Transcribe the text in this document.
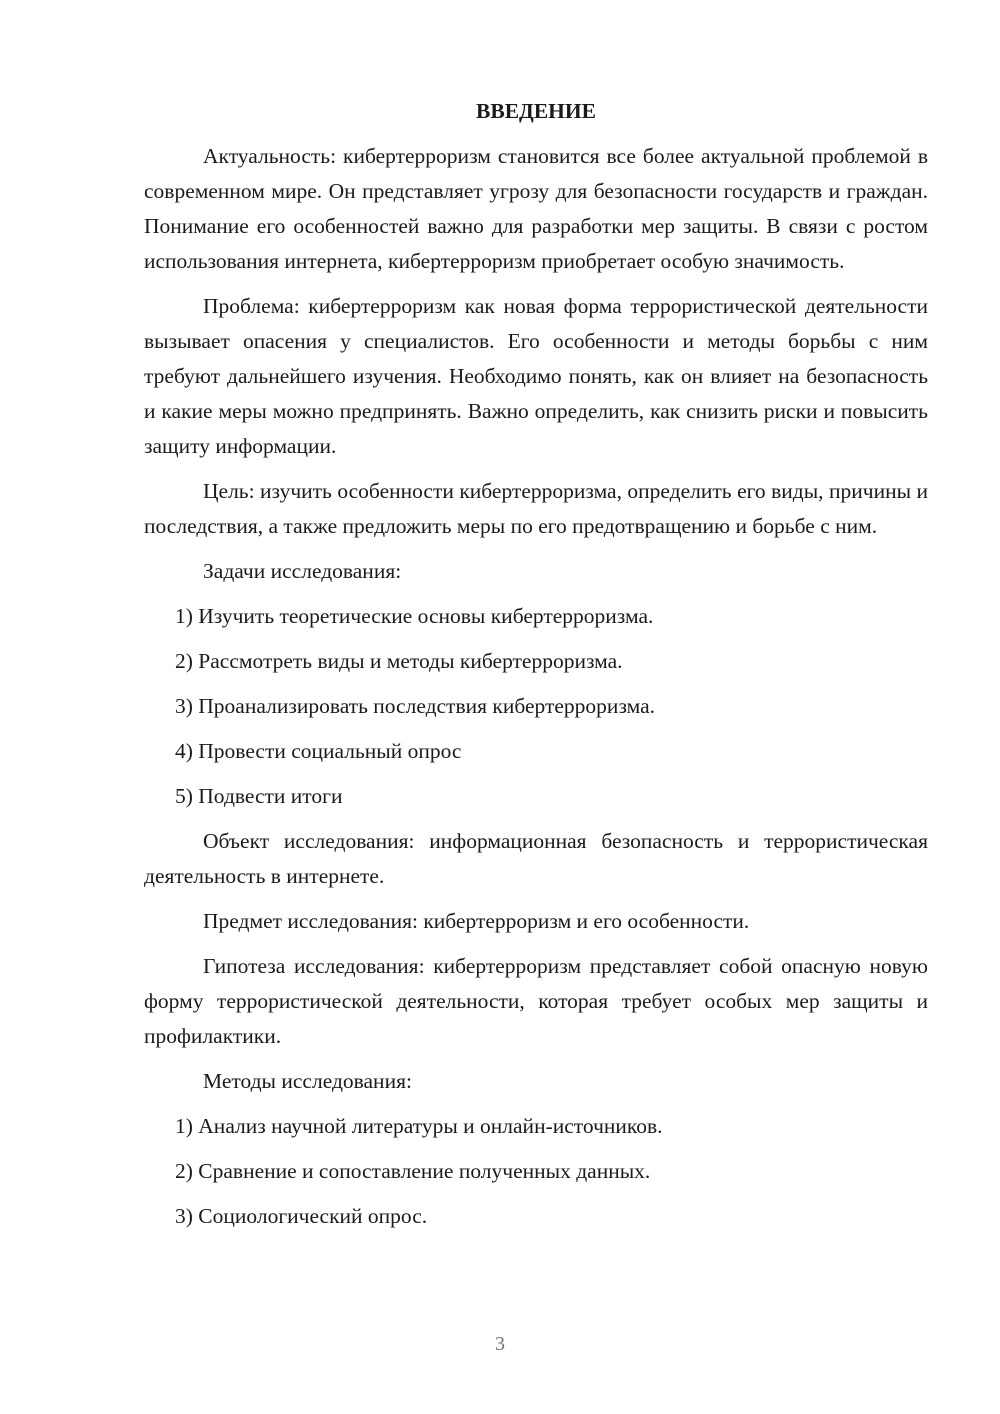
ВВЕДЕНИЕ

Актуальность: кибертерроризм становится все более актуальной проблемой в современном мире. Он представляет угрозу для безопасности государств и граждан. Понимание его особенностей важно для разработки мер защиты. В связи с ростом использования интернета, кибертерроризм приобретает особую значимость.

Проблема: кибертерроризм как новая форма террористической деятельности вызывает опасения у специалистов. Его особенности и методы борьбы с ним требуют дальнейшего изучения. Необходимо понять, как он влияет на безопасность и какие меры можно предпринять. Важно определить, как снизить риски и повысить защиту информации.

Цель: изучить особенности кибертерроризма, определить его виды, причины и последствия, а также предложить меры по его предотвращению и борьбе с ним.

Задачи исследования:

1) Изучить теоретические основы кибертерроризма.
2) Рассмотреть виды и методы кибертерроризма.
3) Проанализировать последствия кибертерроризма.
4) Провести социальный опрос
5) Подвести итоги

Объект исследования: информационная безопасность и террористическая деятельность в интернете.

Предмет исследования: кибертерроризм и его особенности.

Гипотеза исследования: кибертерроризм представляет собой опасную новую форму террористической деятельности, которая требует особых мер защиты и профилактики.

Методы исследования:

1) Анализ научной литературы и онлайн-источников.
2) Сравнение и сопоставление полученных данных.
3) Социологический опрос.
3
